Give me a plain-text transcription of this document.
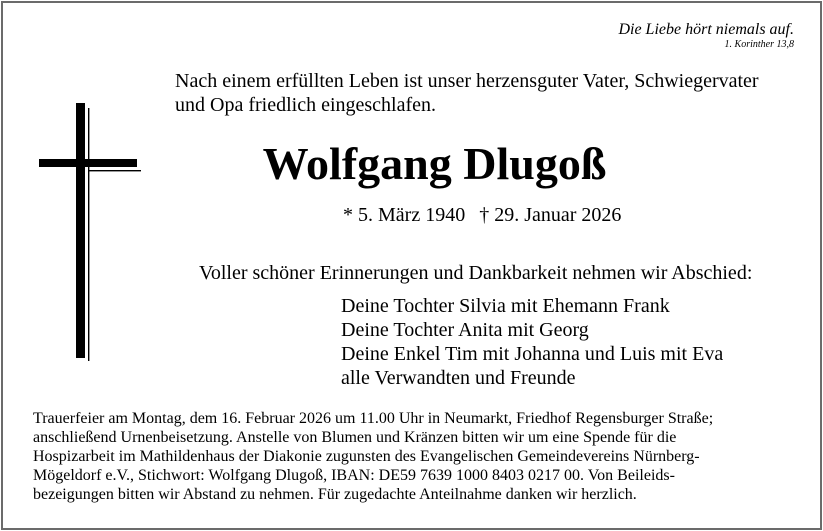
Die Liebe hört niemals auf.
1. Korinther 13,8
Nach einem erfüllten Leben ist unser herzensguter Vater, Schwiegervater
und Opa friedlich eingeschlafen.
Wolfgang Dlugoß
* 5. März 1940 † 29. Januar 2026
Voller schöner Erinnerungen und Dankbarkeit nehmen wir Abschied:
Deine Tochter Silvia mit Ehemann Frank
Deine Tochter Anita mit Georg
Deine Enkel Tim mit Johanna und Luis mit Eva
alle Verwandten und Freunde
Trauerfeier am Montag, dem 16. Februar 2026 um 11.00 Uhr in Neumarkt, Friedhof Regensburger Straße;
anschließend Urnenbeisetzung. Anstelle von Blumen und Kränzen bitten wir um eine Spende für die
Hospizarbeit im Mathildenhaus der Diakonie zugunsten des Evangelischen Gemeindevereins Nürnberg-
Mögeldorf e.V., Stichwort: Wolfgang Dlugoß, IBAN: DE59 7639 1000 8403 0217 00. Von Beileids-
bezeigungen bitten wir Abstand zu nehmen. Für zugedachte Anteilnahme danken wir herzlich.
